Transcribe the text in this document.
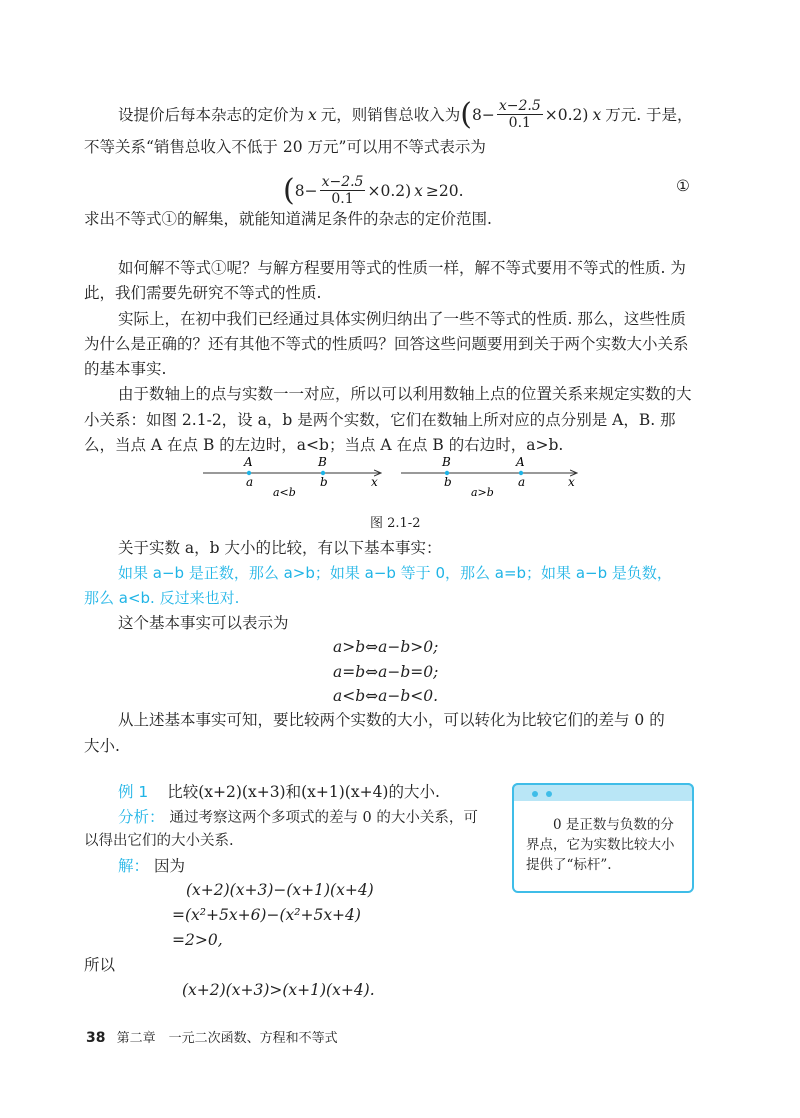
设提价后每本杂志的定价为 x 元，则销售总收入为 ( $8- \frac{x-2.5}{0.1} \times 0.2$) x 万元. 于是，
不等关系“销售总收入不低于 20 万元”可以用不等式表示为
( $8- \frac{x-2.5}{0.1} \times 0.2$) x ≥20.	①
求出不等式①的解集，就能知道满足条件的杂志的定价范围.
如何解不等式①呢？与解方程要用等式的性质一样，解不等式要用不等式的性质. 为
此，我们需要先研究不等式的性质.
实际上，在初中我们已经通过具体实例归纳出了一些不等式的性质. 那么，这些性质
为什么是正确的？还有其他不等式的性质吗？回答这些问题要用到关于两个实数大小关系
的基本事实.
由于数轴上的点与实数一一对应，所以可以利用数轴上点的位置关系来规定实数的大
小关系：如图 2.1-2，设 a，b 是两个实数，它们在数轴上所对应的点分别是 A，B. 那
么，当点 A 在点 B 的左边时，a<b；当点 A 在点 B 的右边时，a>b.
A	B
a	b	x
a<b
B	A
b	a	x
a>b
图 2.1-2
关于实数 a，b 大小的比较，有以下基本事实：
如果 a−b 是正数，那么 a>b；如果 a−b 等于 0，那么 a=b；如果 a−b 是负数，
那么 a<b. 反过来也对.
这个基本事实可以表示为
a>b⇔a−b>0;
a=b⇔a−b=0;
a<b⇔a−b<0.
从上述基本事实可知，要比较两个实数的大小，可以转化为比较它们的差与 0 的
大小.
例 1 比较(x+2)(x+3)和(x+1)(x+4)的大小.
分析： 通过考察这两个多项式的差与 0 的大小关系，可
以得出它们的大小关系.
解： 因为
(x+2)(x+3)−(x+1)(x+4)
=(x²+5x+6)−(x²+5x+4)
=2>0,
所以
(x+2)(x+3)>(x+1)(x+4).
0 是正数与负数的分界点，它为实数比较大小提供了“标杆”.
38 第二章　一元二次函数、方程和不等式
